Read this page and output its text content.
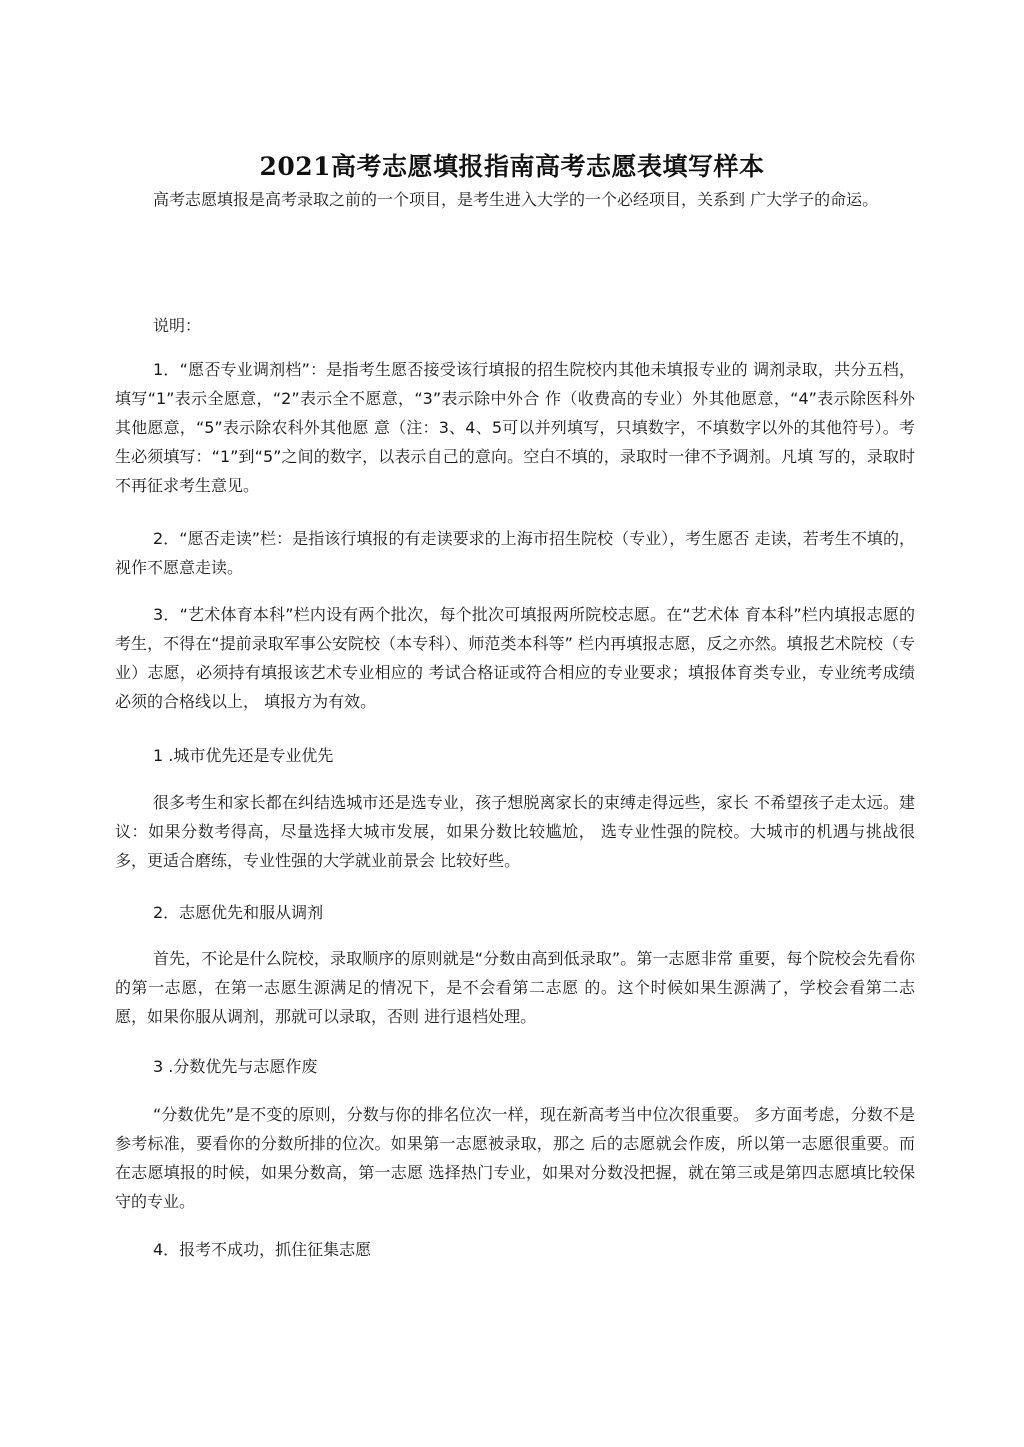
2021高考志愿填报指南高考志愿表填写样本

高考志愿填报是高考录取之前的一个项目，是考生进入大学的一个必经项目，关系到 广大学子的命运。

说明：

1．“愿否专业调剂档”：是指考生愿否接受该行填报的招生院校内其他未填报专业的 调剂录取，共分五档，填写“1”表示全愿意，“2”表示全不愿意，“3”表示除中外合 作（收费高的专业）外其他愿意，“4”表示除医科外其他愿意，“5”表示除农科外其他愿 意（注：3、4、5可以并列填写，只填数字，不填数字以外的其他符号）。考生必须填写：“1”到“5”之间的数字，以表示自己的意向。空白不填的，录取时一律不予调剂。凡填 写的，录取时不再征求考生意见。

2．“愿否走读”栏：是指该行填报的有走读要求的上海市招生院校（专业），考生愿否 走读，若考生不填的，视作不愿意走读。

3．“艺术体育本科”栏内设有两个批次，每个批次可填报两所院校志愿。在“艺术体 育本科”栏内填报志愿的考生，不得在“提前录取军事公安院校（本专科）、师范类本科等” 栏内再填报志愿，反之亦然。填报艺术院校（专业）志愿，必须持有填报该艺术专业相应的 考试合格证或符合相应的专业要求；填报体育类专业，专业统考成绩必须的合格线以上， 填报方为有效。

1 .城市优先还是专业优先

很多考生和家长都在纠结选城市还是选专业，孩子想脱离家长的束缚走得远些，家长 不希望孩子走太远。建议：如果分数考得高，尽量选择大城市发展，如果分数比较尴尬， 选专业性强的院校。大城市的机遇与挑战很多，更适合磨练，专业性强的大学就业前景会 比较好些。

2．志愿优先和服从调剂

首先，不论是什么院校，录取顺序的原则就是“分数由高到低录取”。第一志愿非常 重要，每个院校会先看你的第一志愿，在第一志愿生源满足的情况下，是不会看第二志愿 的。这个时候如果生源满了，学校会看第二志愿，如果你服从调剂，那就可以录取，否则 进行退档处理。

3 .分数优先与志愿作废

“分数优先”是不变的原则，分数与你的排名位次一样，现在新高考当中位次很重要。 多方面考虑，分数不是参考标准，要看你的分数所排的位次。如果第一志愿被录取，那之 后的志愿就会作废，所以第一志愿很重要。而在志愿填报的时候，如果分数高，第一志愿 选择热门专业，如果对分数没把握，就在第三或是第四志愿填比较保守的专业。

4．报考不成功，抓住征集志愿
